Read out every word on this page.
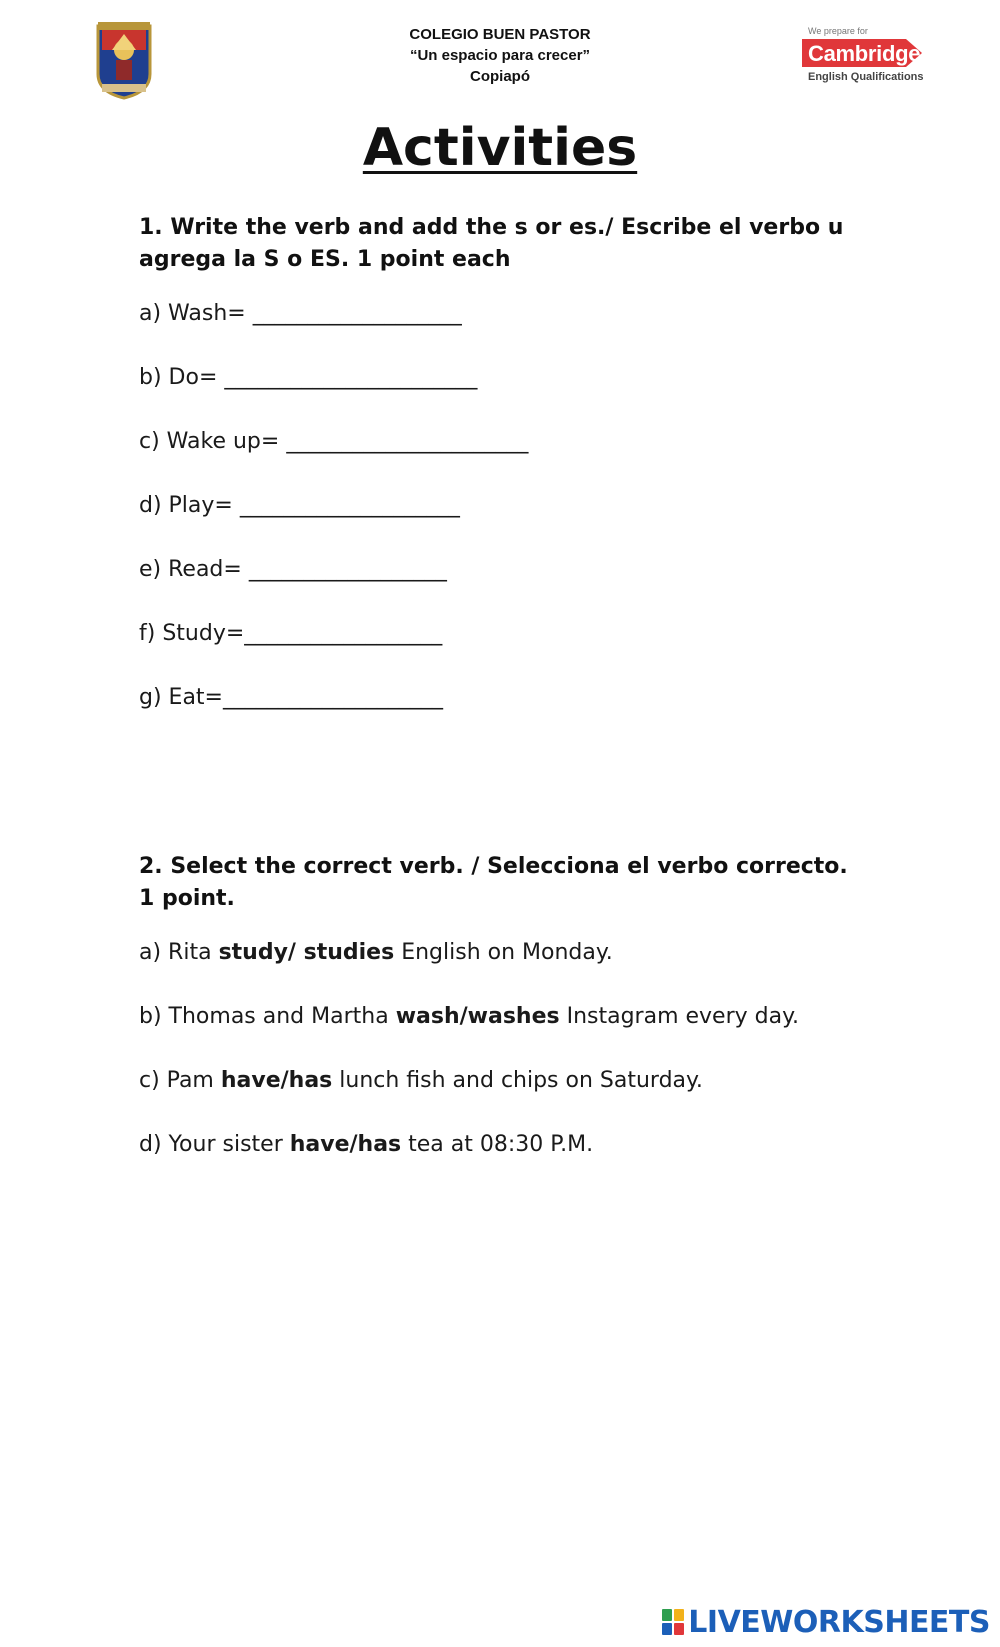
COLEGIO BUEN PASTOR
“Un espacio para crecer”
Copiapó
We prepare for
Cambridge
English Qualifications
Activities
1. Write the verb and add the s or es./ Escribe el verbo u agrega la S o ES. 1 point each
a) Wash= ___________________
b) Do= _______________________
c) Wake up= ______________________
d) Play= ____________________
e) Read= __________________
f) Study=__________________
g) Eat=____________________
2. Select the correct verb. / Selecciona el verbo correcto. 1 point.
a) Rita study/ studies English on Monday.
b) Thomas and Martha wash/washes Instagram every day.
c) Pam have/has lunch fish and chips on Saturday.
d) Your sister have/has tea at 08:30 P.M.
LIVEWORKSHEETS
